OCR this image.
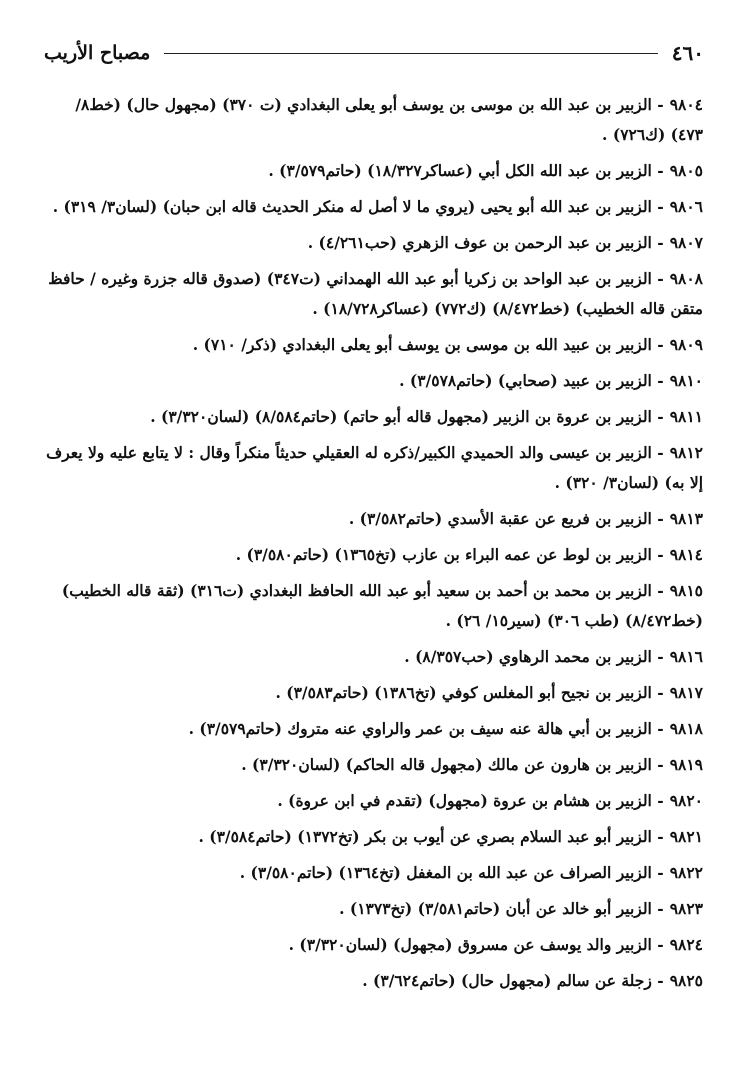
٤٦٠
مصباح الأريب
٩٨٠٤- الزبير بن عبد الله بن موسى بن يوسف أبو يعلى البغدادي (ت ٣٧٠) (مجهول حال) (خط٨/ ٤٧٣) (ك٧٢٦) .
٩٨٠٥- الزبير بن عبد الله الكل أبي (عساكر١٨/٣٢٧) (حاتم٣/٥٧٩) .
٩٨٠٦- الزبير بن عبد الله أبو يحيى (يروي ما لا أصل له منكر الحديث قاله ابن حبان) (لسان٣/ ٣١٩) .
٩٨٠٧- الزبير بن عبد الرحمن بن عوف الزهري (حب٤/٢٦١) .
٩٨٠٨- الزبير بن عبد الواحد بن زكريا أبو عبد الله الهمداني (ت٣٤٧) (صدوق قاله جزرة وغيره / حافظ متقن قاله الخطيب) (خط٨/٤٧٢) (ك٧٧٢) (عساكر١٨/٧٢٨) .
٩٨٠٩- الزبير بن عبيد الله بن موسى بن يوسف أبو يعلى البغدادي (ذكر/ ٧١٠) .
٩٨١٠- الزبير بن عبيد (صحابي) (حاتم٣/٥٧٨) .
٩٨١١- الزبير بن عروة بن الزبير (مجهول قاله أبو حاتم) (حاتم٨/٥٨٤) (لسان٣/٣٢٠) .
٩٨١٢- الزبير بن عيسى والد الحميدي الكبير/ذكره له العقيلي حديثاً منكراً وقال : لا يتابع عليه ولا يعرف إلا به) (لسان٣/ ٣٢٠) .
٩٨١٣- الزبير بن فريع عن عقبة الأسدي (حاتم٣/٥٨٢) .
٩٨١٤- الزبير بن لوط عن عمه البراء بن عازب (تخ١٣٦٥) (حاتم٣/٥٨٠) .
٩٨١٥- الزبير بن محمد بن أحمد بن سعيد أبو عبد الله الحافظ البغدادي (ت٣١٦) (ثقة قاله الخطيب) (خط٨/٤٧٢) (طب ٣٠٦) (سير١٥/ ٢٦) .
٩٨١٦- الزبير بن محمد الرهاوي (حب٨/٣٥٧) .
٩٨١٧- الزبير بن نجيح أبو المغلس كوفي (تخ١٣٨٦) (حاتم٣/٥٨٣) .
٩٨١٨- الزبير بن أبي هالة عنه سيف بن عمر والراوي عنه متروك (حاتم٣/٥٧٩) .
٩٨١٩- الزبير بن هارون عن مالك (مجهول قاله الحاكم) (لسان٣/٣٢٠) .
٩٨٢٠- الزبير بن هشام بن عروة (مجهول) (تقدم في ابن عروة) .
٩٨٢١- الزبير أبو عبد السلام بصري عن أيوب بن بكر (تخ١٣٧٢) (حاتم٣/٥٨٤) .
٩٨٢٢- الزبير الصراف عن عبد الله بن المغفل (تخ١٣٦٤) (حاتم٣/٥٨٠) .
٩٨٢٣- الزبير أبو خالد عن أبان (حاتم٣/٥٨١) (تخ١٣٧٣) .
٩٨٢٤- الزبير والد يوسف عن مسروق (مجهول) (لسان٣/٣٢٠) .
٩٨٢٥- زجلة عن سالم (مجهول حال) (حاتم٣/٦٢٤) .
